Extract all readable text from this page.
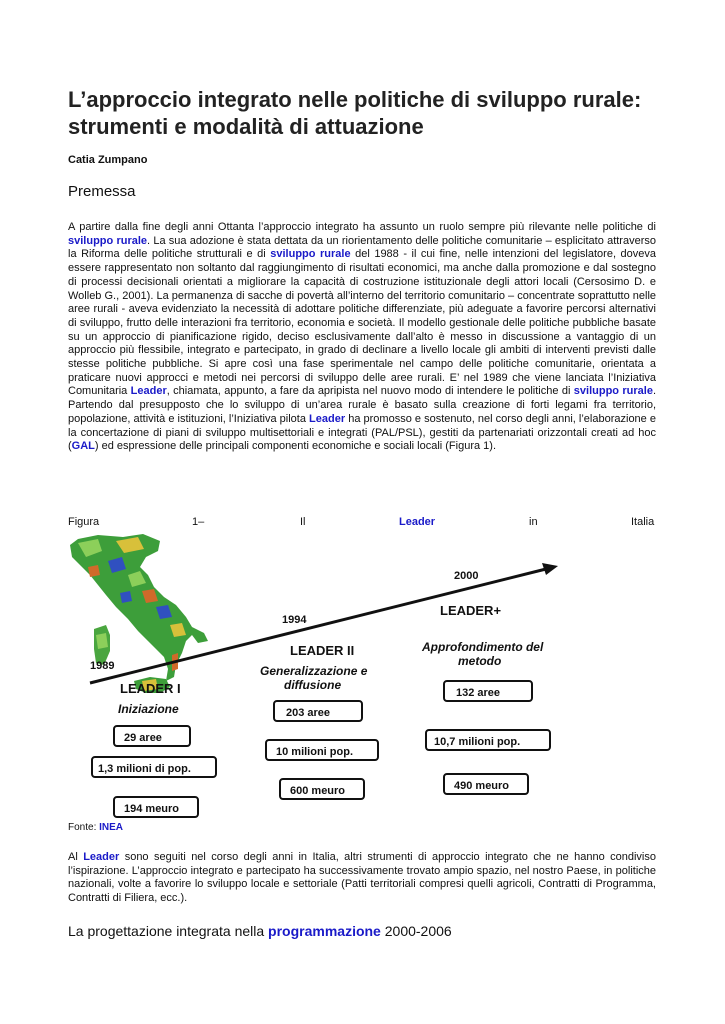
L’approccio integrato nelle politiche di sviluppo rurale:
strumenti e modalità di attuazione

Catia Zumpano

Premessa

A partire dalla fine degli anni Ottanta l’approccio integrato ha assunto un ruolo sempre più rilevante nelle politiche di sviluppo rurale. La sua adozione è stata dettata da un riorientamento delle politiche comunitarie – esplicitato attraverso la Riforma delle politiche strutturali e di sviluppo rurale del 1988 - il cui fine, nelle intenzioni del legislatore, doveva essere rappresentato non soltanto dal raggiungimento di risultati economici, ma anche dalla promozione e dal sostegno di processi decisionali orientati a migliorare la capacità di costruzione istituzionale degli attori locali (Cersosimo D. e Wolleb G., 2001). La permanenza di sacche di povertà all’interno del territorio comunitario – concentrate soprattutto nelle aree rurali - aveva evidenziato la necessità di adottare politiche differenziate, più adeguate a favorire percorsi alternativi di sviluppo, frutto delle interazioni fra territorio, economia e società. Il modello gestionale delle politiche pubbliche basate su un approccio di pianificazione rigido, deciso esclusivamente dall’alto è messo in discussione a vantaggio di un approccio più flessibile, integrato e partecipato, in grado di declinare a livello locale gli ambiti di interventi previsti dalle stesse politiche pubbliche. Si apre così una fase sperimentale nel campo delle politiche comunitarie, orientata a praticare nuovi approcci e metodi nei percorsi di sviluppo delle aree rurali. E’ nel 1989 che viene lanciata l’Iniziativa Comunitaria Leader, chiamata, appunto, a fare da apripista nel nuovo modo di intendere le politiche di sviluppo rurale. Partendo dal presupposto che lo sviluppo di un’area rurale è basato sulla creazione di forti legami fra territorio, popolazione, attività e istituzioni, l’Iniziativa pilota Leader ha promosso e sostenuto, nel corso degli anni, l’elaborazione e la concertazione di piani di sviluppo multisettoriali e integrati (PAL/PSL), gestiti da partenariati orizzontali creati ad hoc (GAL) ed espressione delle principali componenti economiche e sociali locali (Figura 1).

Figura	1–	Il	Leader	in	Italia
1989
1994
2000
LEADER I
Iniziazione
29 aree
1,3 milioni di pop.
194 meuro
LEADER II
Generalizzazione e
diffusione
203 aree
10 milioni pop.
600 meuro
LEADER+
Approfondimento del
metodo
132 aree
10,7 milioni pop.
490 meuro
Fonte: INEA

Al Leader sono seguiti nel corso degli anni in Italia, altri strumenti di approccio integrato che ne hanno condiviso l’ispirazione. L’approccio integrato e partecipato ha successivamente trovato ampio spazio, nel nostro Paese, in politiche nazionali, volte a favorire lo sviluppo locale e settoriale (Patti territoriali compresi quelli agricoli, Contratti di Programma, Contratti di Filiera, ecc.).

La progettazione integrata nella programmazione 2000-2006
